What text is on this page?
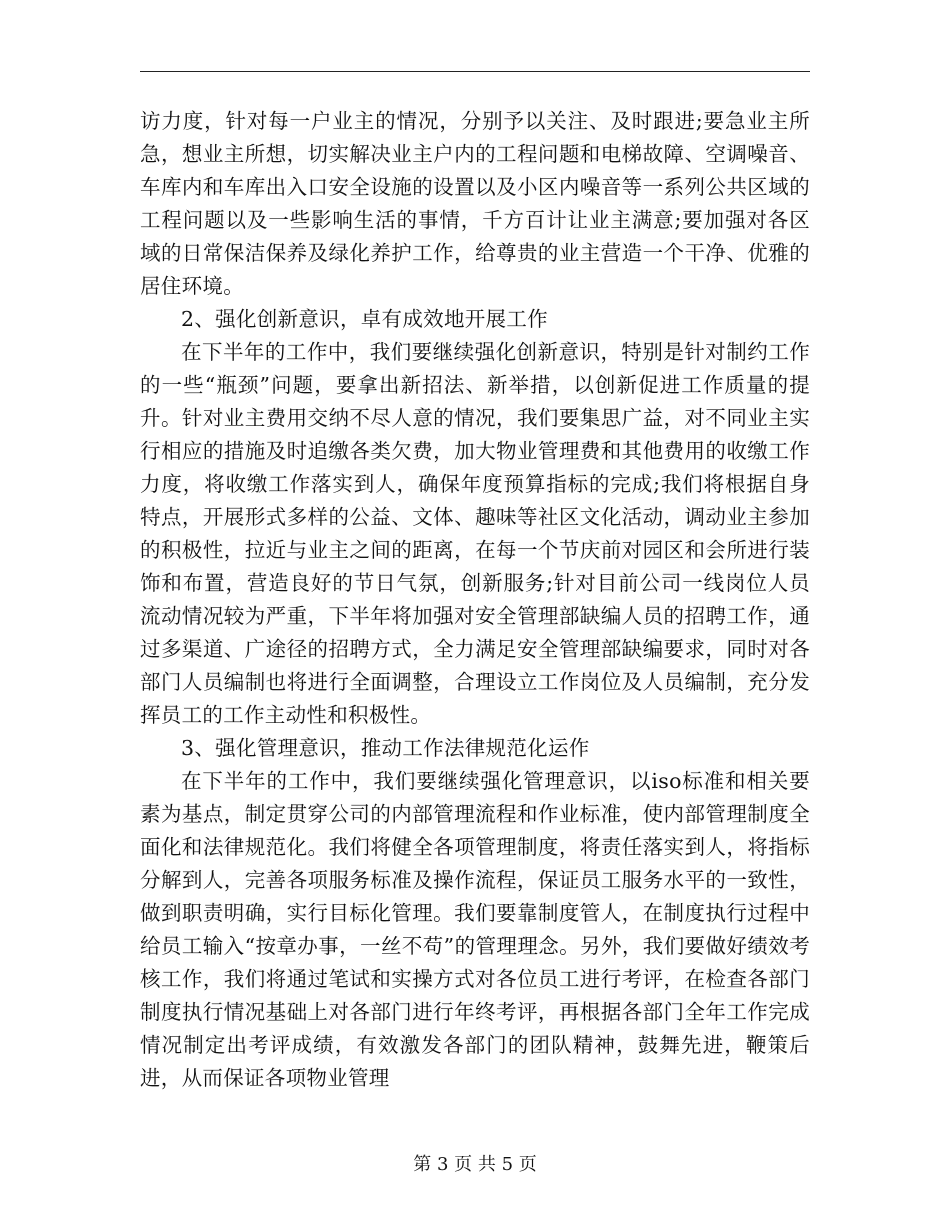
访力度，针对每一户业主的情况，分别予以关注、及时跟进;要急业主所急，想业主所想，切实解决业主户内的工程问题和电梯故障、空调噪音、车库内和车库出入口安全设施的设置以及小区内噪音等一系列公共区域的工程问题以及一些影响生活的事情，千方百计让业主满意;要加强对各区域的日常保洁保养及绿化养护工作，给尊贵的业主营造一个干净、优雅的居住环境。

2、强化创新意识，卓有成效地开展工作

在下半年的工作中，我们要继续强化创新意识，特别是针对制约工作的一些“瓶颈”问题，要拿出新招法、新举措，以创新促进工作质量的提升。针对业主费用交纳不尽人意的情况，我们要集思广益，对不同业主实行相应的措施及时追缴各类欠费，加大物业管理费和其他费用的收缴工作力度，将收缴工作落实到人，确保年度预算指标的完成;我们将根据自身特点，开展形式多样的公益、文体、趣味等社区文化活动，调动业主参加的积极性，拉近与业主之间的距离，在每一个节庆前对园区和会所进行装饰和布置，营造良好的节日气氛，创新服务;针对目前公司一线岗位人员流动情况较为严重，下半年将加强对安全管理部缺编人员的招聘工作，通过多渠道、广途径的招聘方式，全力满足安全管理部缺编要求，同时对各部门人员编制也将进行全面调整，合理设立工作岗位及人员编制，充分发挥员工的工作主动性和积极性。

3、强化管理意识，推动工作法律规范化运作

在下半年的工作中，我们要继续强化管理意识，以iso标准和相关要素为基点，制定贯穿公司的内部管理流程和作业标准，使内部管理制度全面化和法律规范化。我们将健全各项管理制度，将责任落实到人，将指标分解到人，完善各项服务标准及操作流程，保证员工服务水平的一致性，做到职责明确，实行目标化管理。我们要靠制度管人，在制度执行过程中给员工输入“按章办事，一丝不苟”的管理理念。另外，我们要做好绩效考核工作，我们将通过笔试和实操方式对各位员工进行考评，在检查各部门制度执行情况基础上对各部门进行年终考评，再根据各部门全年工作完成情况制定出考评成绩，有效激发各部门的团队精神，鼓舞先进，鞭策后进，从而保证各项物业管理

第 3 页 共 5 页
